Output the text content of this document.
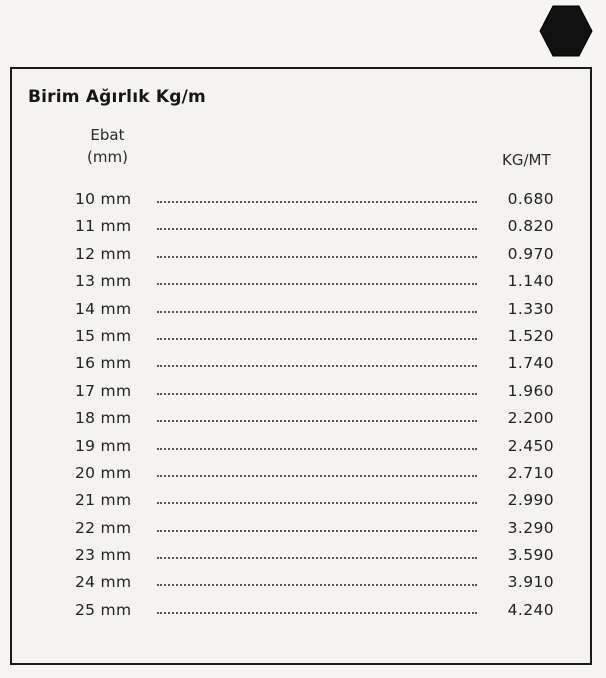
Birim Ağırlık Kg/m
Ebat
(mm)	KG/MT
10 mm	0.680
11 mm	0.820
12 mm	0.970
13 mm	1.140
14 mm	1.330
15 mm	1.520
16 mm	1.740
17 mm	1.960
18 mm	2.200
19 mm	2.450
20 mm	2.710
21 mm	2.990
22 mm	3.290
23 mm	3.590
24 mm	3.910
25 mm	4.240
